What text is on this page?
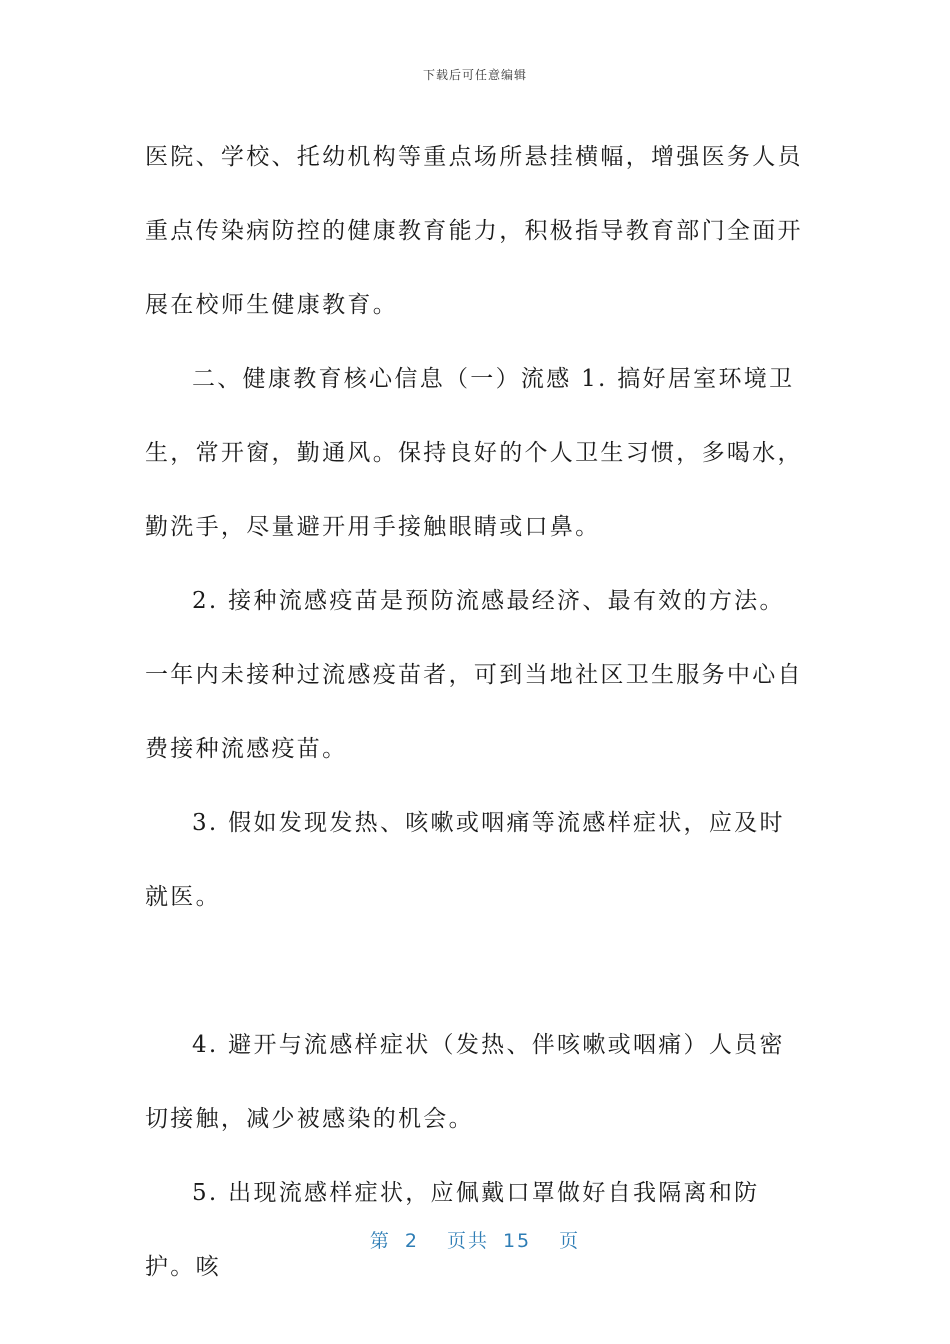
下载后可任意编辑

医院、学校、托幼机构等重点场所悬挂横幅，增强医务人员重点传染病防控的健康教育能力，积极指导教育部门全面开展在校师生健康教育。

二、健康教育核心信息（一）流感 1. 搞好居室环境卫生，常开窗，勤通风。保持良好的个人卫生习惯，多喝水，勤洗手，尽量避开用手接触眼睛或口鼻。

2. 接种流感疫苗是预防流感最经济、最有效的方法。一年内未接种过流感疫苗者，可到当地社区卫生服务中心自费接种流感疫苗。

3. 假如发现发热、咳嗽或咽痛等流感样症状，应及时就医。

4. 避开与流感样症状（发热、伴咳嗽或咽痛）人员密切接触，减少被感染的机会。

5. 出现流感样症状，应佩戴口罩做好自我隔离和防护。咳

第 2 页共 15 页
